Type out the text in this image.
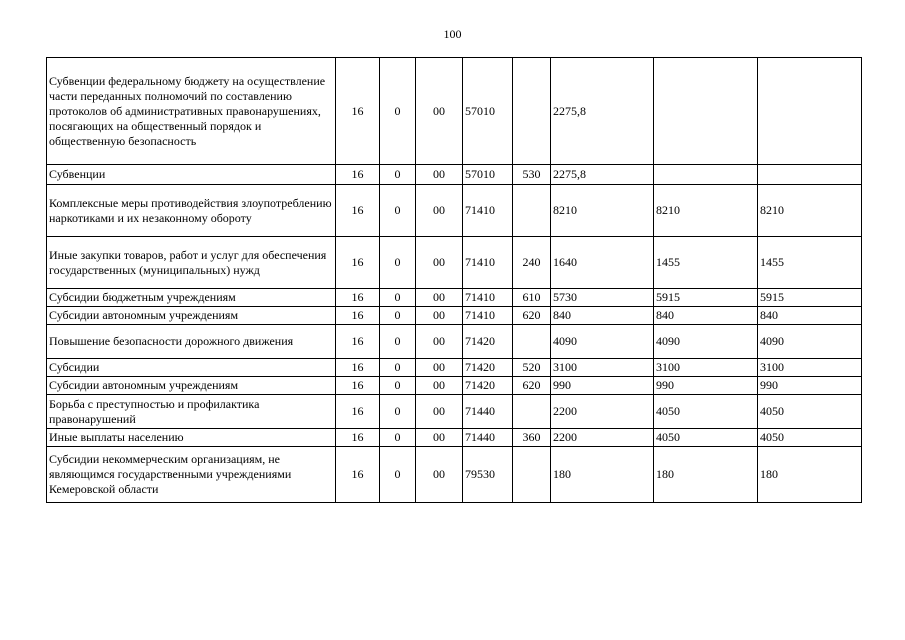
100
Субвенции федеральному бюджету на осуществление части переданных полномочий по составлению протоколов об административных правонарушениях, посягающих на общественный порядок и общественную безопасность	16	0	00	57010		2275,8		
Субвенции	16	0	00	57010	530	2275,8		
Комплексные меры противодействия злоупотреблению наркотиками и их незаконному обороту	16	0	00	71410		8210	8210	8210
Иные закупки товаров, работ и услуг для обеспечения государственных (муниципальных) нужд	16	0	00	71410	240	1640	1455	1455
Субсидии бюджетным учреждениям	16	0	00	71410	610	5730	5915	5915
Субсидии автономным учреждениям	16	0	00	71410	620	840	840	840
Повышение безопасности дорожного движения	16	0	00	71420		4090	4090	4090
Субсидии	16	0	00	71420	520	3100	3100	3100
Субсидии автономным учреждениям	16	0	00	71420	620	990	990	990
Борьба с преступностью и профилактика правонарушений	16	0	00	71440		2200	4050	4050
Иные выплаты населению	16	0	00	71440	360	2200	4050	4050
Субсидии некоммерческим организациям, не являющимся государственными учреждениями Кемеровской области	16	0	00	79530		180	180	180
